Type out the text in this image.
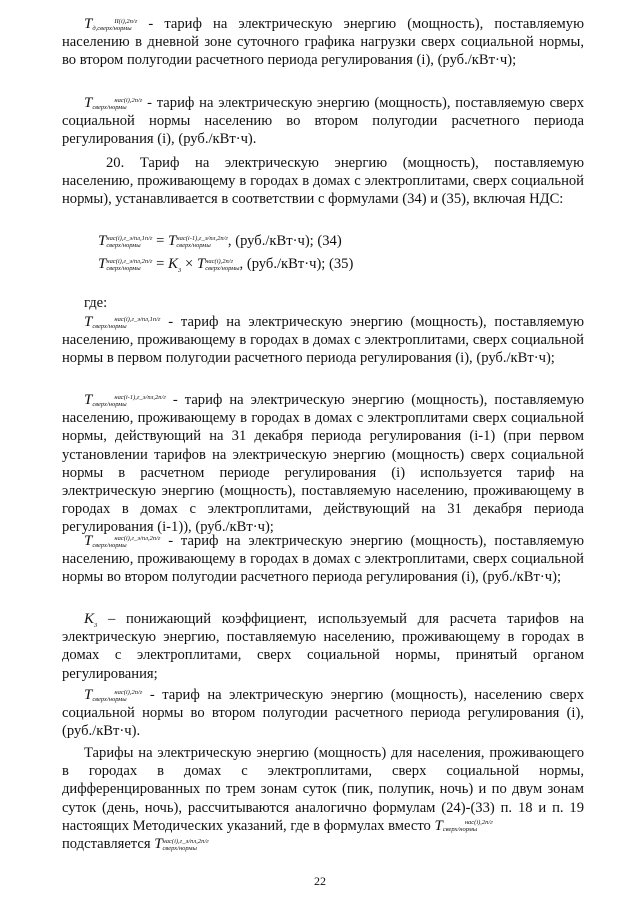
T	II(i),2п/г
д,сверх/нормы - тариф на электрическую энергию (мощность), поставляемую населению в дневной зоне суточного графика нагрузки сверх социальной нормы, во втором полугодии расчетного периода регулирования (i), (руб./кВт·ч);

T	нас(i),2п/г
сверх/нормы - тариф на электрическую энергию (мощность), поставляемую сверх социальной нормы населению во втором полугодии расчетного периода регулирования (i), (руб./кВт·ч).

20. Тариф на электрическую энергию (мощность), поставляемую населению, проживающему в городах в домах с электроплитами, сверх социальной нормы), устанавливается в соответствии с формулами (34) и (35), включая НДС:

Tнас(i),г_э/пл,1п/г
сверх/нормы = Tнас(i-1),г_э/пл,2п/г
сверх/нормы , (руб./кВт·ч); (34)
Tнас(i),г_э/пл,2п/г
сверх/нормы = $K_3$ × Tнас(i),2п/г
сверх/нормы, (руб./кВт·ч); (35)

где:

T	нас(i),г_э/пл,1п/г
сверх/нормы	- тариф на электрическую энергию (мощность), поставляемую населению, проживающему в городах в домах с электроплитами, сверх социальной нормы в первом полугодии расчетного периода регулирования (i), (руб./кВт·ч);

T	нас(i-1),г_э/пл,2п/г
сверх/нормы	- тариф на электрическую энергию (мощность), поставляемую населению, проживающему в городах в домах с электроплитами сверх социальной нормы, действующий на 31 декабря периода регулирования (i-1) (при первом установлении тарифов на электрическую энергию (мощность) сверх социальной нормы в расчетном периоде регулирования (i) используется тариф на электрическую энергию (мощность), поставляемую населению, проживающему в городах в домах с электроплитами, действующий на 31 декабря периода регулирования (i-1)), (руб./кВт·ч);

T	нас(i),г_э/пл,2п/г
сверх/нормы	- тариф на электрическую энергию (мощность), поставляемую населению, проживающему в городах в домах с электроплитами, сверх социальной нормы во втором полугодии расчетного периода регулирования (i), (руб./кВт·ч);

$K_3$ – понижающий коэффициент, используемый для расчета тарифов на электрическую энергию, поставляемую населению, проживающему в городах в домах с электроплитами, сверх социальной нормы, принятый органом регулирования;

T	нас(i),2п/г
сверх/нормы - тариф на электрическую энергию (мощность), населению сверх социальной нормы во втором полугодии расчетного периода регулирования (i), (руб./кВт·ч).

Тарифы на электрическую энергию (мощность) для населения, проживающего в городах в домах с электроплитами, сверх социальной нормы, дифференцированных по трем зонам суток (пик, полупик, ночь) и по двум зонам суток (день, ночь), рассчитываются аналогично формулам (24)-(33) п. 18 и п. 19 настоящих Методических указаний, где в формулах вместо T	нас(i),2п/г
сверх/нормы

подставляется Tнас(i),г_э/пл,2п/г
сверх/нормы

22
